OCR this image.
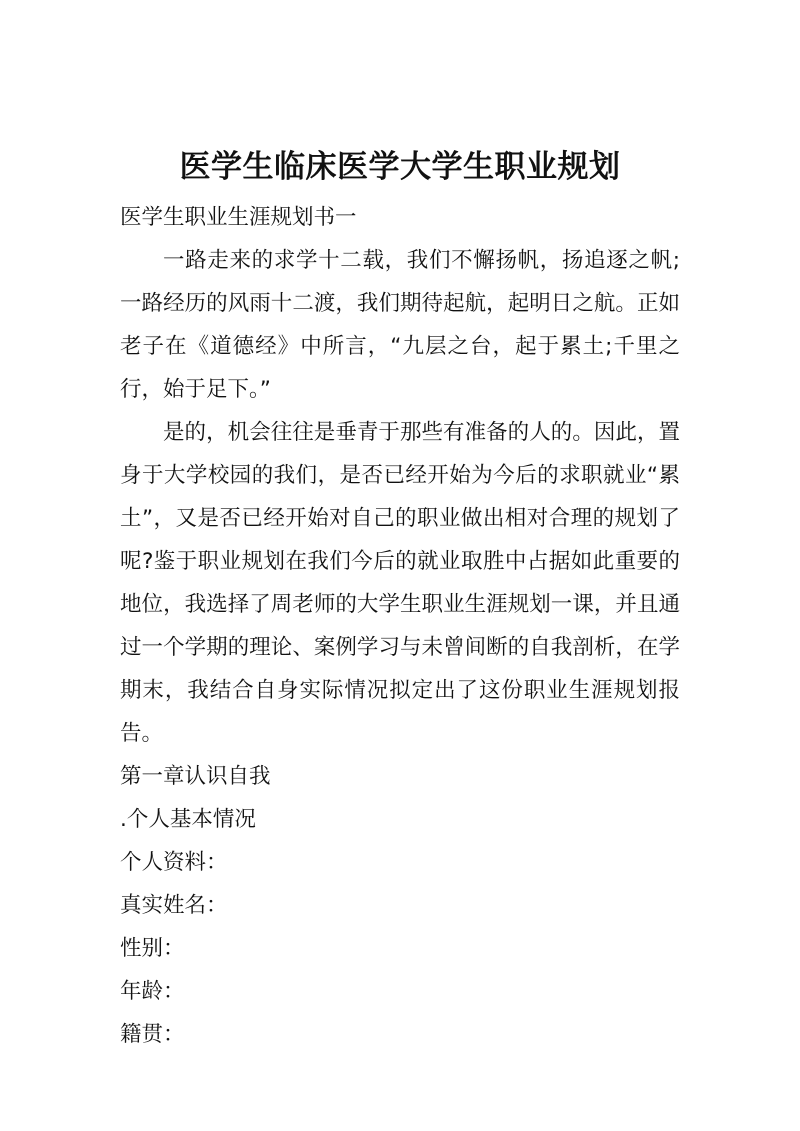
医学生临床医学大学生职业规划

医学生职业生涯规划书一

一路走来的求学十二载，我们不懈扬帆，扬追逐之帆;一路经历的风雨十二渡，我们期待起航，起明日之航。正如老子在《道德经》中所言，“九层之台，起于累土;千里之行，始于足下。”

是的，机会往往是垂青于那些有准备的人的。因此，置身于大学校园的我们，是否已经开始为今后的求职就业“累土”，又是否已经开始对自己的职业做出相对合理的规划了呢?鉴于职业规划在我们今后的就业取胜中占据如此重要的地位，我选择了周老师的大学生职业生涯规划一课，并且通过一个学期的理论、案例学习与未曾间断的自我剖析，在学期末，我结合自身实际情况拟定出了这份职业生涯规划报告。

第一章认识自我

.个人基本情况

个人资料：

真实姓名：

性别：

年龄：

籍贯：
